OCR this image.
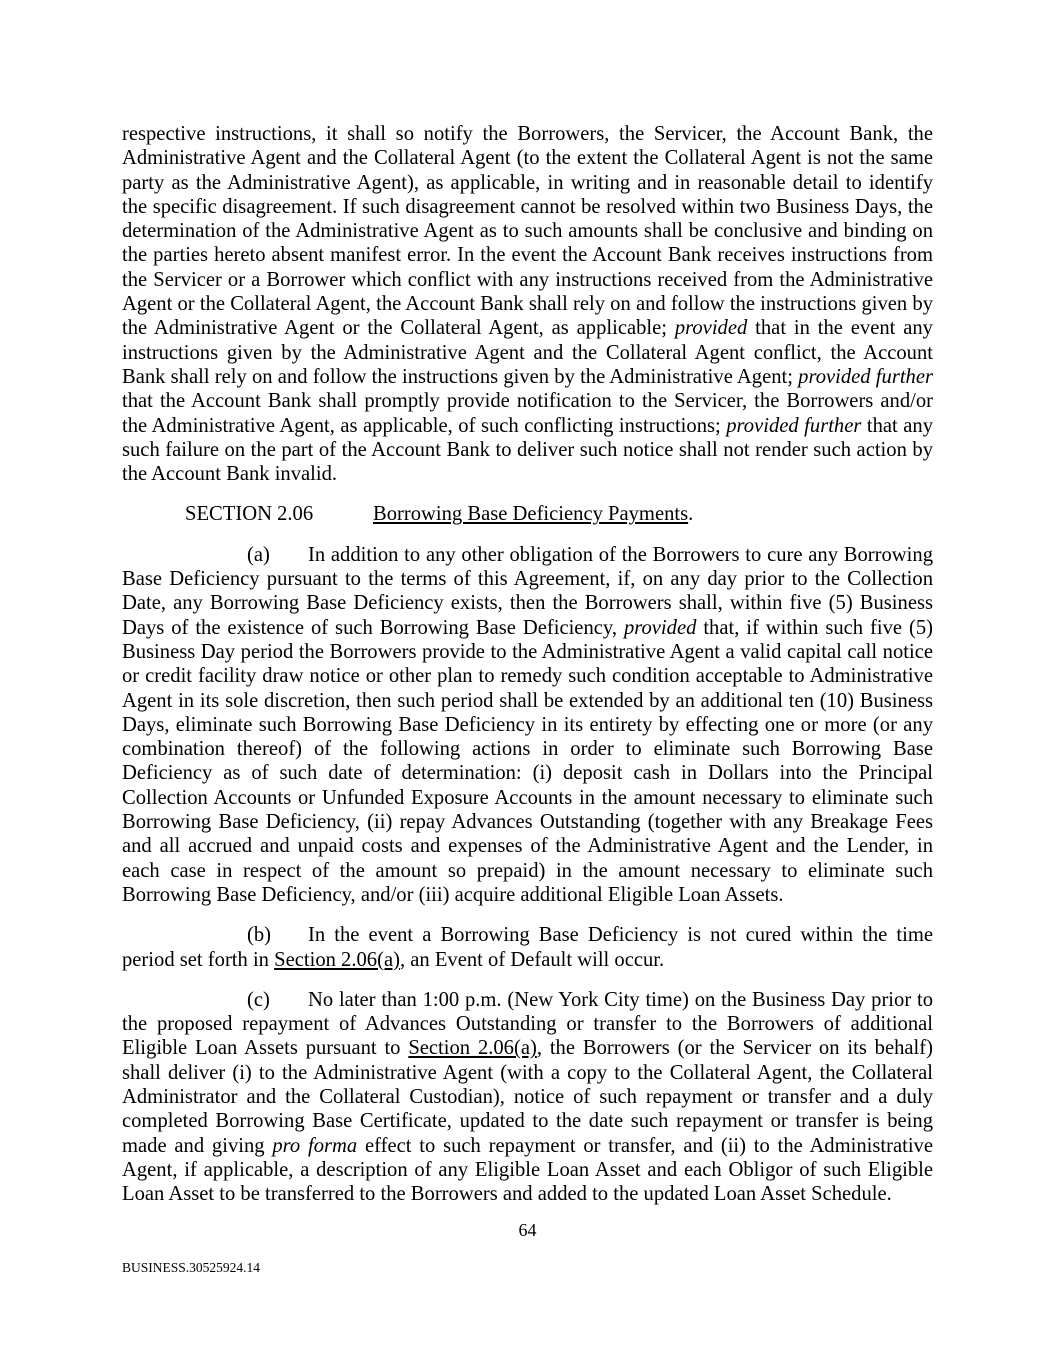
respective instructions, it shall so notify the Borrowers, the Servicer, the Account Bank, the Administrative Agent and the Collateral Agent (to the extent the Collateral Agent is not the same party as the Administrative Agent), as applicable, in writing and in reasonable detail to identify the specific disagreement. If such disagreement cannot be resolved within two Business Days, the determination of the Administrative Agent as to such amounts shall be conclusive and binding on the parties hereto absent manifest error. In the event the Account Bank receives instructions from the Servicer or a Borrower which conflict with any instructions received from the Administrative Agent or the Collateral Agent, the Account Bank shall rely on and follow the instructions given by the Administrative Agent or the Collateral Agent, as applicable; provided that in the event any instructions given by the Administrative Agent and the Collateral Agent conflict, the Account Bank shall rely on and follow the instructions given by the Administrative Agent; provided further that the Account Bank shall promptly provide notification to the Servicer, the Borrowers and/or the Administrative Agent, as applicable, of such conflicting instructions; provided further that any such failure on the part of the Account Bank to deliver such notice shall not render such action by the Account Bank invalid.

SECTION 2.06	Borrowing Base Deficiency Payments.

(a) In addition to any other obligation of the Borrowers to cure any Borrowing Base Deficiency pursuant to the terms of this Agreement, if, on any day prior to the Collection Date, any Borrowing Base Deficiency exists, then the Borrowers shall, within five (5) Business Days of the existence of such Borrowing Base Deficiency, provided that, if within such five (5) Business Day period the Borrowers provide to the Administrative Agent a valid capital call notice or credit facility draw notice or other plan to remedy such condition acceptable to Administrative Agent in its sole discretion, then such period shall be extended by an additional ten (10) Business Days, eliminate such Borrowing Base Deficiency in its entirety by effecting one or more (or any combination thereof) of the following actions in order to eliminate such Borrowing Base Deficiency as of such date of determination: (i) deposit cash in Dollars into the Principal Collection Accounts or Unfunded Exposure Accounts in the amount necessary to eliminate such Borrowing Base Deficiency, (ii) repay Advances Outstanding (together with any Breakage Fees and all accrued and unpaid costs and expenses of the Administrative Agent and the Lender, in each case in respect of the amount so prepaid) in the amount necessary to eliminate such Borrowing Base Deficiency, and/or (iii) acquire additional Eligible Loan Assets.

(b) In the event a Borrowing Base Deficiency is not cured within the time period set forth in Section 2.06(a), an Event of Default will occur.

(c) No later than 1:00 p.m. (New York City time) on the Business Day prior to the proposed repayment of Advances Outstanding or transfer to the Borrowers of additional Eligible Loan Assets pursuant to Section 2.06(a), the Borrowers (or the Servicer on its behalf) shall deliver (i) to the Administrative Agent (with a copy to the Collateral Agent, the Collateral Administrator and the Collateral Custodian), notice of such repayment or transfer and a duly completed Borrowing Base Certificate, updated to the date such repayment or transfer is being made and giving pro forma effect to such repayment or transfer, and (ii) to the Administrative Agent, if applicable, a description of any Eligible Loan Asset and each Obligor of such Eligible Loan Asset to be transferred to the Borrowers and added to the updated Loan Asset Schedule.

64
BUSINESS.30525924.14
